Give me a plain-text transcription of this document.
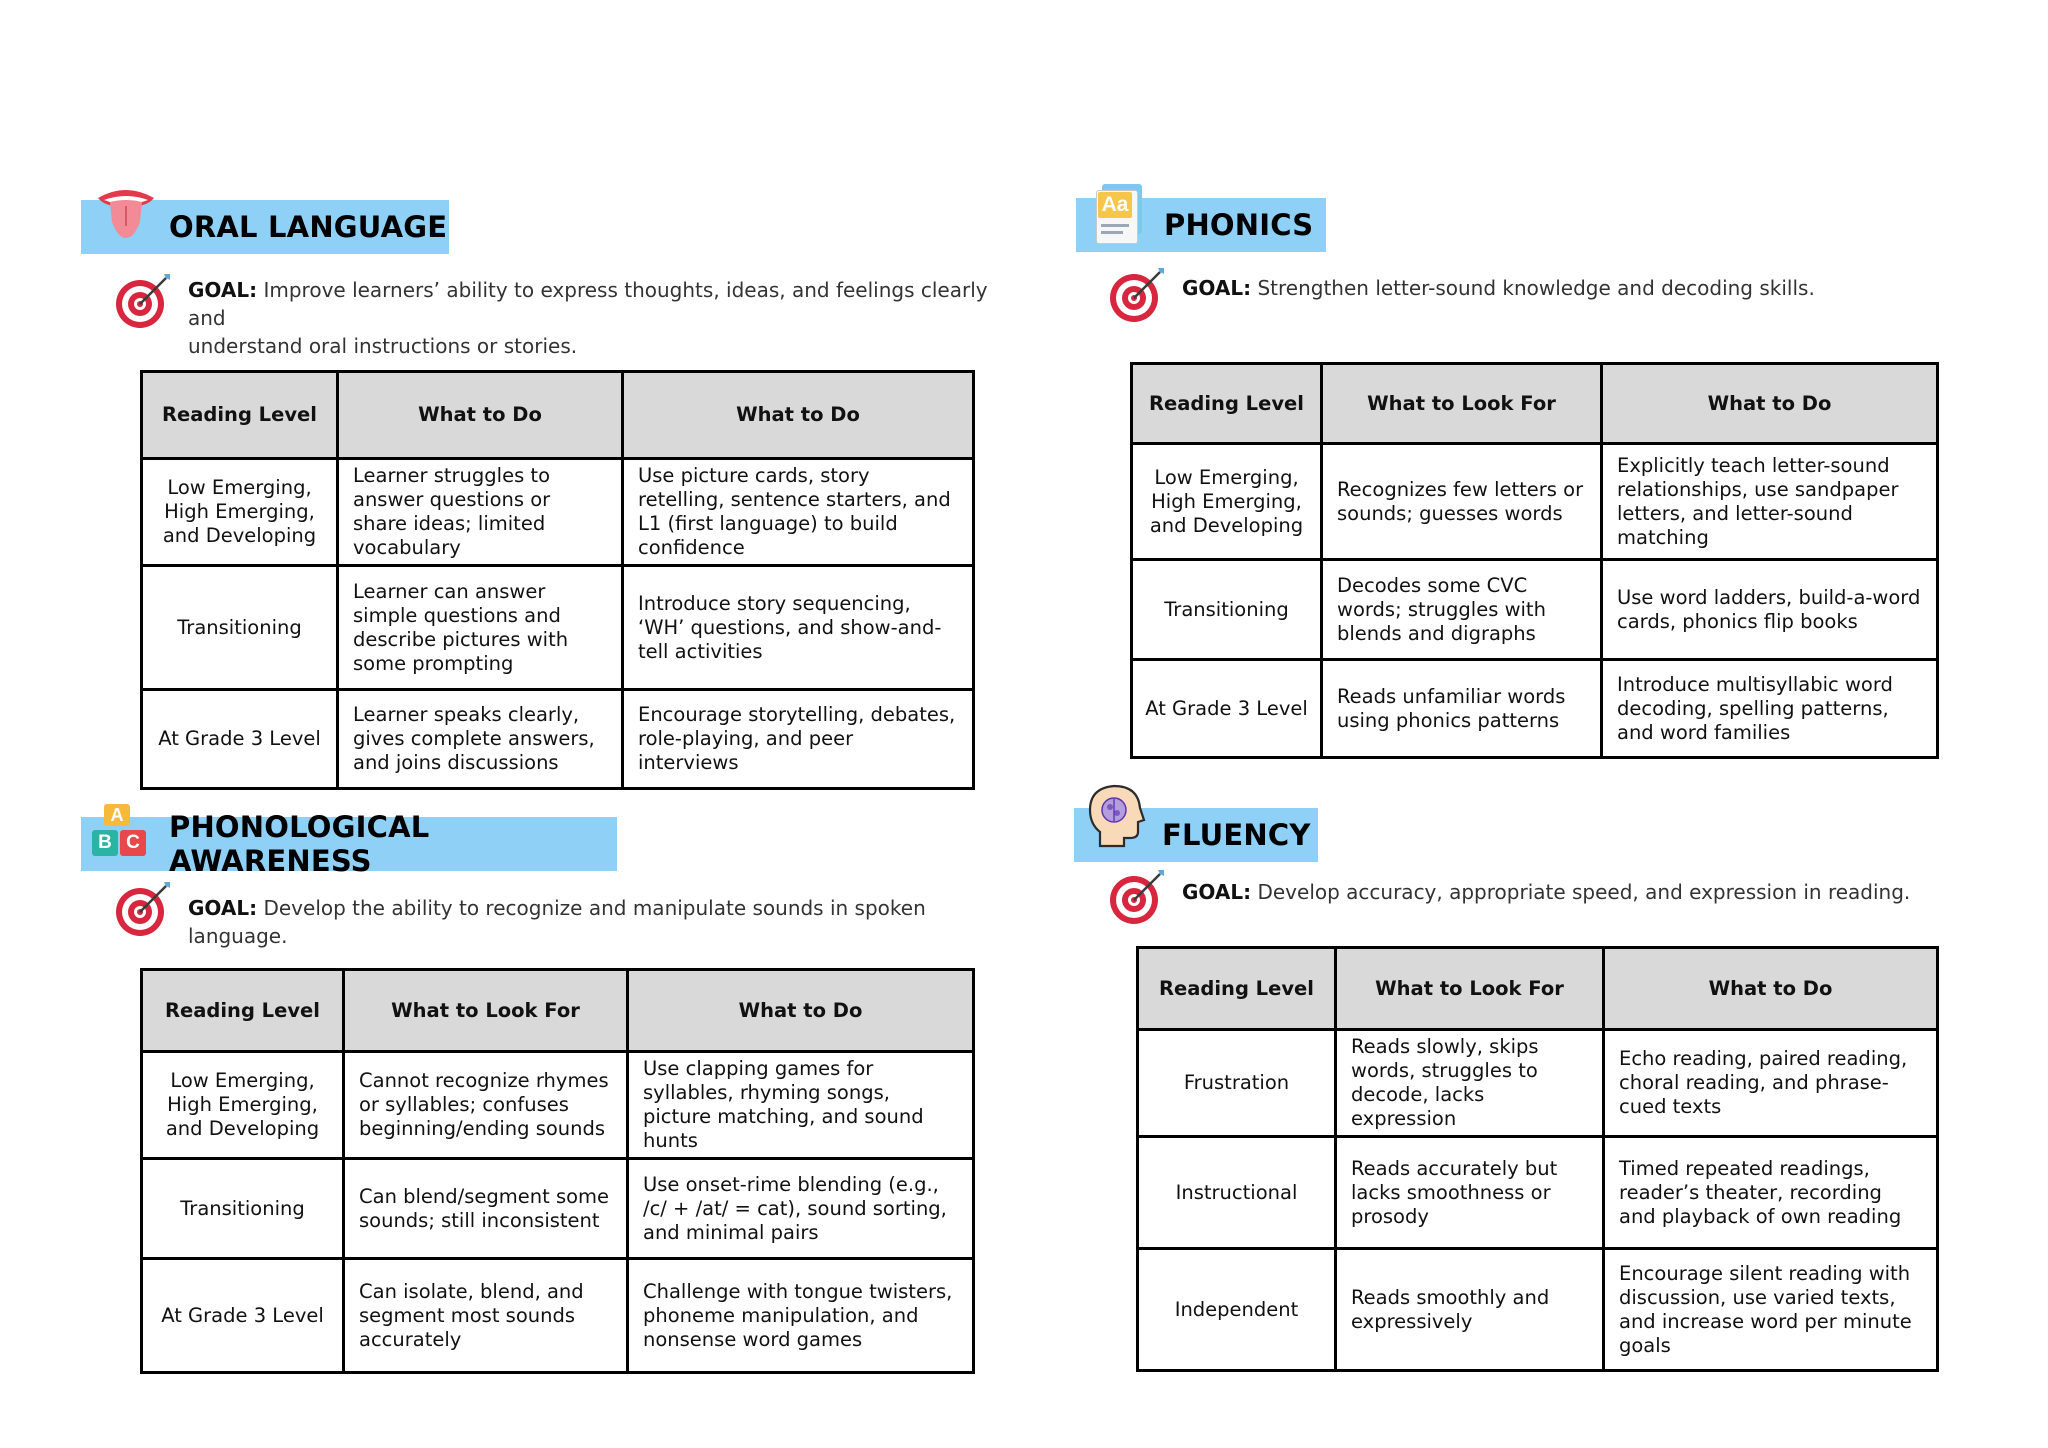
ORAL LANGUAGE
GOAL: Improve learners’ ability to express thoughts, ideas, and feelings clearly and
understand oral instructions or stories.
Reading Level	What to Do	What to Do
Low Emerging, High Emerging, and Developing	Learner struggles to answer questions or share ideas; limited vocabulary	Use picture cards, story retelling, sentence starters, and L1 (first language) to build confidence
Transitioning	Learner can answer simple questions and describe pictures with some prompting	Introduce story sequencing, ‘WH’ questions, and show-and-tell activities
At Grade 3 Level	Learner speaks clearly, gives complete answers, and joins discussions	Encourage storytelling, debates, role-playing, and peer interviews
PHONOLOGICAL AWARENESS
A
B C
GOAL: Develop the ability to recognize and manipulate sounds in spoken language.
Reading Level	What to Look For	What to Do
Low Emerging, High Emerging, and Developing	Cannot recognize rhymes or syllables; confuses beginning/ending sounds	Use clapping games for syllables, rhyming songs, picture matching, and sound hunts
Transitioning	Can blend/segment some sounds; still inconsistent	Use onset-rime blending (e.g., /c/ + /at/ = cat), sound sorting, and minimal pairs
At Grade 3 Level	Can isolate, blend, and segment most sounds accurately	Challenge with tongue twisters, phoneme manipulation, and nonsense word games
PHONICS
Aa
GOAL: Strengthen letter-sound knowledge and decoding skills.
Reading Level	What to Look For	What to Do
Low Emerging, High Emerging, and Developing	Recognizes few letters or sounds; guesses words	Explicitly teach letter-sound relationships, use sandpaper letters, and letter-sound matching
Transitioning	Decodes some CVC words; struggles with blends and digraphs	Use word ladders, build-a-word cards, phonics flip books
At Grade 3 Level	Reads unfamiliar words using phonics patterns	Introduce multisyllabic word decoding, spelling patterns, and word families
FLUENCY
GOAL: Develop accuracy, appropriate speed, and expression in reading.
Reading Level	What to Look For	What to Do
Frustration	Reads slowly, skips words, struggles to decode, lacks expression	Echo reading, paired reading, choral reading, and phrase-cued texts
Instructional	Reads accurately but lacks smoothness or prosody	Timed repeated readings, reader’s theater, recording and playback of own reading
Independent	Reads smoothly and expressively	Encourage silent reading with discussion, use varied texts, and increase word per minute goals
